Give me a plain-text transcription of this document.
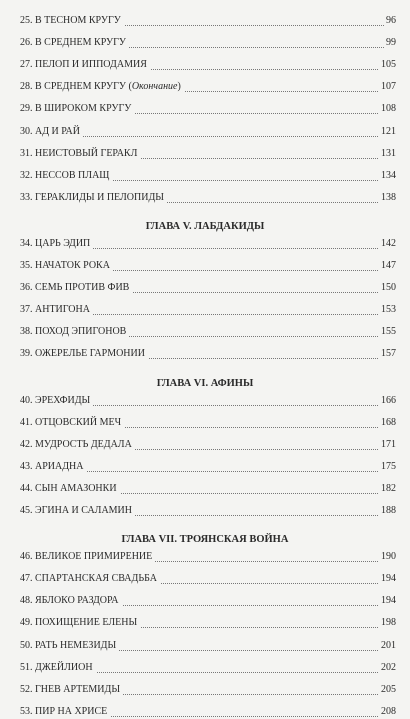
25. В ТЕСНОМ КРУГУ	96
26. В СРЕДНЕМ КРУГУ	99
27. ПЕЛОП И ИППОДАМИЯ	105
28. В СРЕДНЕМ КРУГУ (Окончание)	107
29. В ШИРОКОМ КРУГУ	108
30. АД И РАЙ	121
31. НЕИСТОВЫЙ ГЕРАКЛ	131
32. НЕССОВ ПЛАЩ	134
33. ГЕРАКЛИДЫ И ПЕЛОПИДЫ	138
ГЛАВА V. ЛАБДАКИДЫ
34. ЦАРЬ ЭДИП	142
35. НАЧАТОК РОКА	147
36. СЕМЬ ПРОТИВ ФИВ	150
37. АНТИГОНА	153
38. ПОХОД ЭПИГОНОВ	155
39. ОЖЕРЕЛЬЕ ГАРМОНИИ	157
ГЛАВА VI. АФИНЫ
40. ЭРЕХФИДЫ	166
41. ОТЦОВСКИЙ МЕЧ	168
42. МУДРОСТЬ ДЕДАЛА	171
43. АРИАДНА	175
44. СЫН АМАЗОНКИ	182
45. ЭГИНА И САЛАМИН	188
ГЛАВА VII. ТРОЯНСКАЯ ВОЙНА
46. ВЕЛИКОЕ ПРИМИРЕНИЕ	190
47. СПАРТАНСКАЯ СВАДЬБА	194
48. ЯБЛОКО РАЗДОРА	194
49. ПОХИЩЕНИЕ ЕЛЕНЫ	198
50. РАТЬ НЕМЕЗИДЫ	201
51. ДЖЕЙЛИОН	202
52. ГНЕВ АРТЕМИДЫ	205
53. ПИР НА ХРИСЕ	208
